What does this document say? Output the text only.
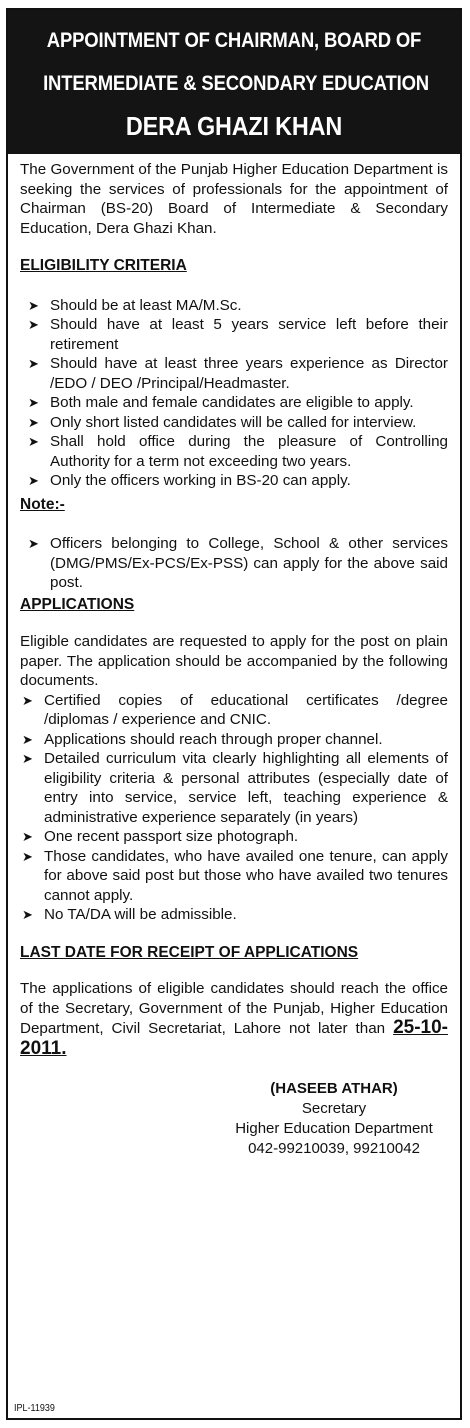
APPOINTMENT OF CHAIRMAN, BOARD OF
INTERMEDIATE & SECONDARY EDUCATION
DERA GHAZI KHAN

The Government of the Punjab Higher Education Department is seeking the services of professionals for the appointment of Chairman (BS-20) Board of Intermediate & Secondary Education, Dera Ghazi Khan.

ELIGIBILITY CRITERIA
➤ Should be at least MA/M.Sc.
➤ Should have at least 5 years service left before their retirement
➤ Should have at least three years experience as Director /EDO / DEO /Principal/Headmaster.
➤ Both male and female candidates are eligible to apply.
➤ Only short listed candidates will be called for interview.
➤ Shall hold office during the pleasure of Controlling Authority for a term not exceeding two years.
➤ Only the officers working in BS-20 can apply.
Note:-
➤ Officers belonging to College, School & other services (DMG/PMS/Ex-PCS/Ex-PSS) can apply for the above said post.
APPLICATIONS

Eligible candidates are requested to apply for the post on plain paper. The application should be accompanied by the following documents.

➤ Certified copies of educational certificates /degree /diplomas / experience and CNIC.
➤ Applications should reach through proper channel.
➤ Detailed curriculum vita clearly highlighting all elements of eligibility criteria & personal attributes (especially date of entry into service, service left, teaching experience & administrative experience separately (in years)
➤ One recent passport size photograph.
➤ Those candidates, who have availed one tenure, can apply for above said post but those who have availed two tenures cannot apply.
➤ No TA/DA will be admissible.
LAST DATE FOR RECEIPT OF APPLICATIONS

The applications of eligible candidates should reach the office of the Secretary, Government of the Punjab, Higher Education Department, Civil Secretariat, Lahore not later than 25-10-2011.

(HASEEB ATHAR)
Secretary
Higher Education Department
042-99210039, 99210042
IPL-11939
